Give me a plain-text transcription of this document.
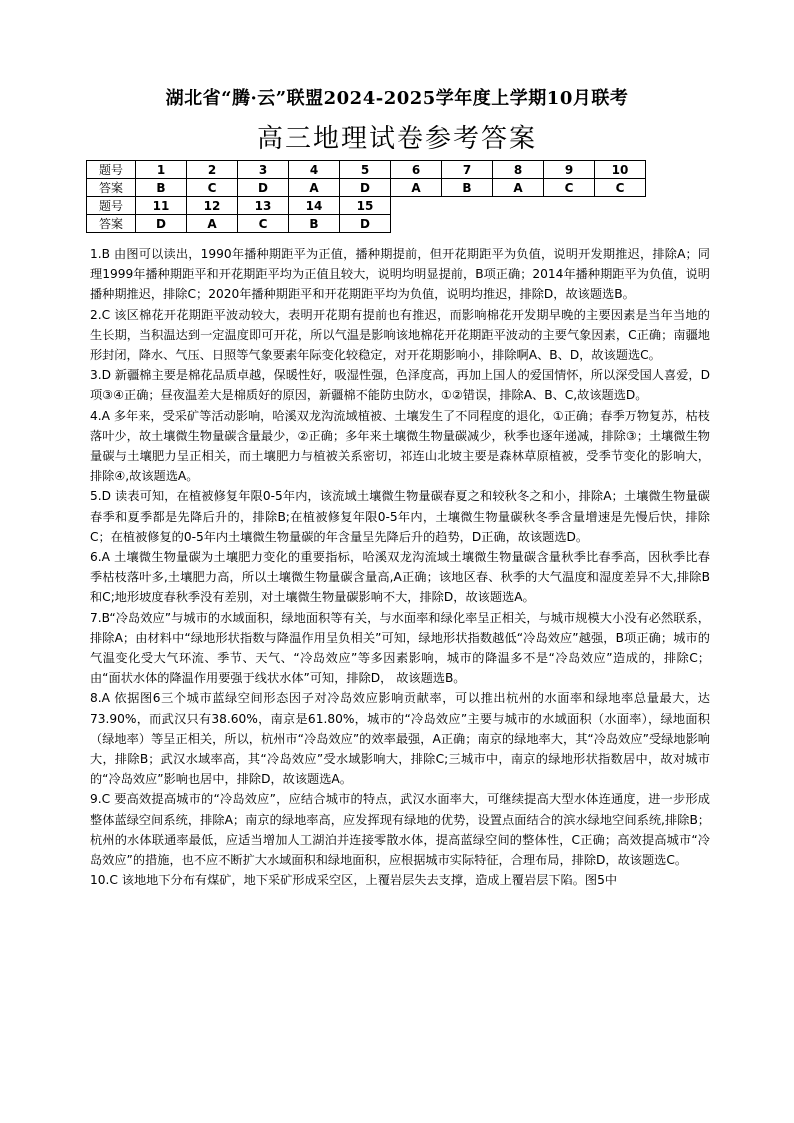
湖北省“腾·云”联盟2024-2025学年度上学期10月联考
高三地理试卷参考答案
题号	1	2	3	4	5	6	7	8	9	10
答案	B	C	D	A	D	A	B	A	C	C
题号	11	12	13	14	15					
答案	D	A	C	B	D					

1.B 由图可以读出，1990年播种期距平为正值，播种期提前，但开花期距平为负值，说明开发期推迟，排除A；同理1999年播种期距平和开花期距平均为正值且较大，说明均明显提前，B项正确；2014年播种期距平为负值，说明播种期推迟，排除C；2020年播种期距平和开花期距平均为负值，说明均推迟，排除D，故该题选B。

2.C 该区棉花开花期距平波动较大，表明开花期有提前也有推迟，而影响棉花开发期早晚的主要因素是当年当地的生长期，当积温达到一定温度即可开花，所以气温是影响该地棉花开花期距平波动的主要气象因素，C正确；南疆地形封闭，降水、气压、日照等气象要素年际变化较稳定，对开花期影响小，排除啊A、B、D，故该题选C。

3.D 新疆棉主要是棉花品质卓越，保暖性好，吸湿性强，色泽度高，再加上国人的爱国情怀，所以深受国人喜爱，D项③④正确；昼夜温差大是棉质好的原因，新疆棉不能防虫防水，①②错误，排除A、B、C,故该题选D。

4.A 多年来，受采矿等活动影响，哈溪双龙沟流域植被、土壤发生了不同程度的退化，①正确；春季万物复苏，枯枝落叶少，故土壤微生物量碳含量最少，②正确；多年来土壤微生物量碳减少，秋季也逐年递减，排除③；土壤微生物量碳与土壤肥力呈正相关，而土壤肥力与植被关系密切，祁连山北坡主要是森林草原植被，受季节变化的影响大，排除④,故该题选A。

5.D 读表可知，在植被修复年限0-5年内，该流域土壤微生物量碳春夏之和较秋冬之和小，排除A；土壤微生物量碳春季和夏季都是先降后升的，排除B;在植被修复年限0-5年内，土壤微生物量碳秋冬季含量增速是先慢后快，排除C；在植被修复的0-5年内土壤微生物量碳的年含量呈先降后升的趋势，D正确，故该题选D。

6.A 土壤微生物量碳为土壤肥力变化的重要指标，哈溪双龙沟流域土壤微生物量碳含量秋季比春季高，因秋季比春季枯枝落叶多,土壤肥力高，所以土壤微生物量碳含量高,A正确；该地区春、秋季的大气温度和湿度差异不大,排除B和C;地形坡度春秋季没有差别，对土壤微生物量碳影响不大，排除D，故该题选A。

7.B“冷岛效应”与城市的水域面积，绿地面积等有关，与水面率和绿化率呈正相关，与城市规模大小没有必然联系，排除A；由材料中“绿地形状指数与降温作用呈负相关”可知，绿地形状指数越低“冷岛效应”越强，B项正确；城市的气温变化受大气环流、季节、天气、“冷岛效应”等多因素影响，城市的降温多不是“冷岛效应”造成的，排除C；由“面状水体的降温作用要强于线状水体”可知，排除D， 故该题选B。

8.A 依据图6三个城市蓝绿空间形态因子对冷岛效应影响贡献率，可以推出杭州的水面率和绿地率总量最大，达73.90%，而武汉只有38.60%，南京是61.80%，城市的“冷岛效应”主要与城市的水域面积（水面率），绿地面积（绿地率）等呈正相关，所以，杭州市“冷岛效应”的效率最强，A正确；南京的绿地率大，其“冷岛效应”受绿地影响大，排除B；武汉水域率高，其“冷岛效应”受水域影响大，排除C;三城市中，南京的绿地形状指数居中，故对城市的“冷岛效应”影响也居中，排除D，故该题选A。

9.C 要高效提高城市的“冷岛效应”，应结合城市的特点，武汉水面率大，可继续提高大型水体连通度，进一步形成整体蓝绿空间系统，排除A；南京的绿地率高，应发挥现有绿地的优势，设置点面结合的滨水绿地空间系统,排除B；杭州的水体联通率最低，应适当增加人工湖泊并连接零散水体，提高蓝绿空间的整体性，C正确；高效提高城市“冷岛效应”的措施，也不应不断扩大水域面积和绿地面积，应根据城市实际特征，合理布局，排除D，故该题选C。

10.C 该地地下分布有煤矿，地下采矿形成采空区，上覆岩层失去支撑，造成上覆岩层下陷。图5中
